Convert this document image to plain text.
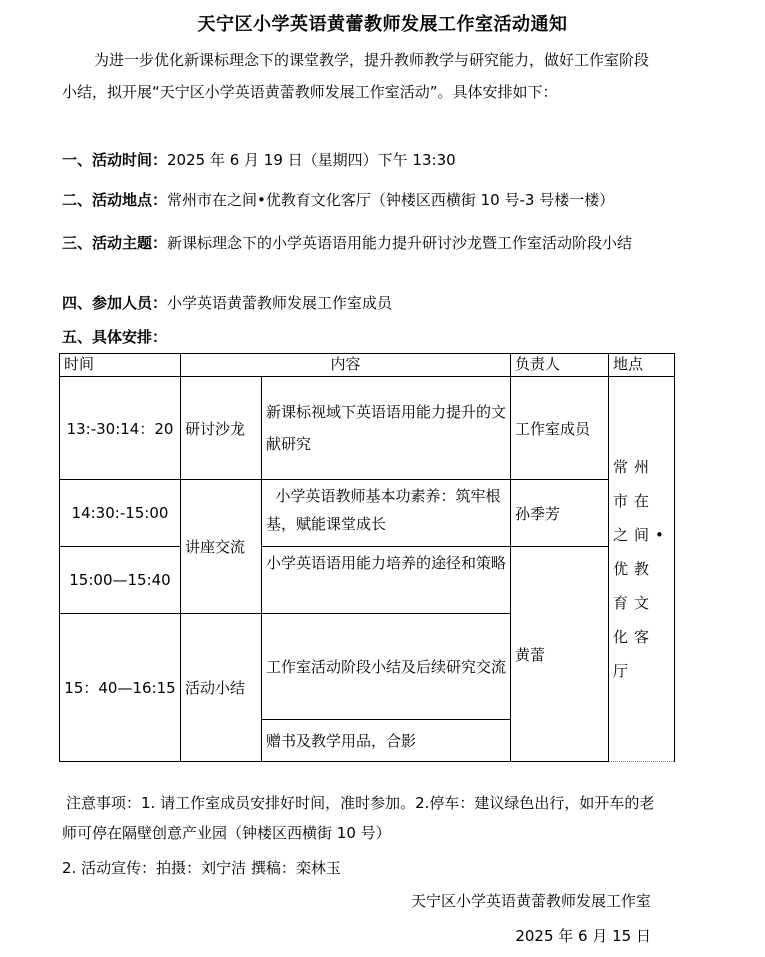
天宁区小学英语黄蕾教师发展工作室活动通知
为进一步优化新课标理念下的课堂教学，提升教师教学与研究能力，做好工作室阶段小结，拟开展“天宁区小学英语黄蕾教师发展工作室活动”。具体安排如下：
一、活动时间：2025 年 6 月 19 日（星期四）下午 13:30
二、活动地点：常州市在之间•优教育文化客厅（钟楼区西横街 10 号-3 号楼一楼）
三、活动主题：新课标理念下的小学英语语用能力提升研讨沙龙暨工作室活动阶段小结
四、参加人员：小学英语黄蕾教师发展工作室成员
五、具体安排：
时间	内容		负责人	地点
13:-30:14：20	研讨沙龙	新课标视域下英语语用能力提升的文献研究	工作室成员	常州市在之间•优教育文化客厅
14:30:-15:00	讲座交流	小学英语教师基本功素养：筑牢根基，赋能课堂成长	孙季芳	
15:00—15:40		小学英语语用能力培养的途径和策略	黄蕾	
15：40—16:15	活动小结	工作室活动阶段小结及后续研究交流		
		赠书及教学用品，合影		
注意事项：1. 请工作室成员安排好时间，准时参加。2.停车：建议绿色出行，如开车的老师可停在隔壁创意产业园（钟楼区西横街 10 号）
2. 活动宣传：拍摄：刘宁洁 撰稿：栾林玉
天宁区小学英语黄蕾教师发展工作室
2025 年 6 月 15 日
